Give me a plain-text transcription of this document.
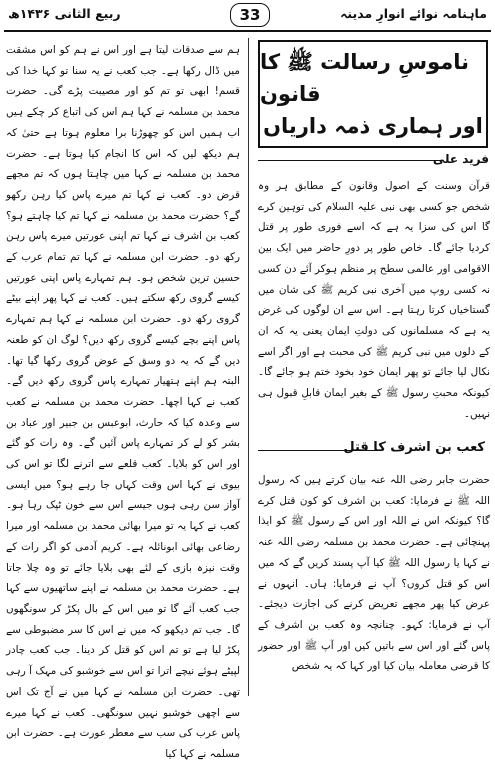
ربیع الثانی ۱۴۳۶ھ	33	ماہنامہ نوائے انوارِ مدینہ

ہم سے صدقات لیتا ہے اور اس نے ہم کو اس مشقت میں ڈال رکھا ہے۔ جب کعب نے یہ سنا تو کہا خدا کی قسم! ابھی تو تم کو اور مصیبت پڑے گی۔ حضرت محمد بن مسلمہ نے کہا ہم اس کی اتباع کر چکے ہیں اب ہمیں اس کو چھوڑنا برا معلوم ہوتا ہے حتیٰ کہ ہم دیکھ لیں کہ اس کا انجام کیا ہوتا ہے۔ حضرت محمد بن مسلمہ نے کہا میں چاہتا ہوں کہ تم مجھے قرض دو۔ کعب نے کہا تم میرے پاس کیا رہن رکھو گے؟ حضرت محمد بن مسلمہ نے کہا تم کیا چاہتے ہو؟ کعب بن اشرف نے کہا تم اپنی عورتیں میرے پاس رہن رکھ دو۔ حضرت ابن مسلمہ نے کہا تم تمام عرب کے حسین ترین شخص ہو۔ ہم تمہارے پاس اپنی عورتیں کیسے گروی رکھ سکتے ہیں۔ کعب نے کہا پھر اپنے بیٹے گروی رکھ دو۔ حضرت ابن مسلمہ نے کہا ہم تمہارے پاس اپنے بچے کیسے گروی رکھ دیں؟ لوگ ان کو طعنہ دیں گے کہ یہ دو وسق کے عوض گروی رکھا گیا تھا۔ البتہ ہم اپنے ہتھیار تمہارے پاس گروی رکھ دیں گے۔ کعب نے کہا اچھا۔ حضرت محمد بن مسلمہ نے کعب سے وعدہ کیا کہ حارث، ابوعبس بن جبیر اور عباد بن بشر کو لے کر تمہارے پاس آئیں گے۔ وہ رات کو گئے اور اس کو بلایا۔ کعب قلعے سے اترنے لگا تو اس کی بیوی نے کہا اس وقت کہاں جا رہے ہو؟ میں ایسی آواز سن رہی ہوں جیسے اس سے خون ٹپک رہا ہو۔ کعب نے کہا یہ تو میرا بھائی محمد بن مسلمہ اور میرا رضاعی بھائی ابونائلہ ہے۔ کریم آدمی کو اگر رات کے وقت نیزہ بازی کے لئے بھی بلایا جائے تو وہ چلا جاتا ہے۔ حضرت محمد بن مسلمہ نے اپنے ساتھیوں سے کہا جب کعب آئے گا تو میں اس کے بال پکڑ کر سونگھوں گا۔ جب تم دیکھو کہ میں نے اس کا سر مضبوطی سے پکڑ لیا ہے تو تم اس کو قتل کر دینا۔ جب کعب چادر لپیٹے ہوئے نیچے اترا تو اس سے خوشبو کی مہک آ رہی تھی۔ حضرت ابن مسلمہ نے کہا میں نے آج تک اس سے اچھی خوشبو نہیں سونگھی۔ کعب نے کہا میرے پاس عرب کی سب سے معطر عورت ہے۔ حضرت ابن مسلمہ نے کہا کیا

ناموسِ رسالت ﷺ کا قانون
اور ہماری ذمہ داریاں
فرید علی

قرآن وسنت کے اصول وقانون کے مطابق ہر وہ شخص جو کسی بھی نبی علیہ السلام کی توہین کرے گا اس کی سزا یہ ہے کہ اسے فوری طور پر قتل کردیا جائے گا۔ خاص طور پر دورِ حاضر میں ایک بین الاقوامی اور عالمی سطح پر منظم ہوکر آئے دن کسی نہ کسی روپ میں آخری نبی کریم ﷺ کی شان میں گستاخیاں کرتا رہتا ہے۔ اس سے ان لوگوں کی غرض یہ ہے کہ مسلمانوں کی دولتِ ایمان یعنی یہ کہ ان کے دلوں میں نبی کریم ﷺ کی محبت ہے اور اگر اسے نکال لیا جائے تو پھر ایمان خود بخود ختم ہو جائے گا۔ کیونکہ محبتِ رسول ﷺ کے بغیر ایمان قابلِ قبول ہی نہیں۔

کعب بن اشرف کا قتل

حضرت جابر رضی اللہ عنہ بیان کرتے ہیں کہ رسول اللہ ﷺ نے فرمایا: کعب بن اشرف کو کون قتل کرے گا؟ کیونکہ اس نے اللہ اور اس کے رسول ﷺ کو ایذا پہنچائی ہے۔ حضرت محمد بن مسلمہ رضی اللہ عنہ نے کہا یا رسول اللہ ﷺ کیا آپ پسند کریں گے کہ میں اس کو قتل کروں؟ آپ نے فرمایا: ہاں۔ انہوں نے عرض کیا پھر مجھے تعریض کرنے کی اجازت دیجئے۔ آپ نے فرمایا: کہو۔ چنانچہ وہ کعب بن اشرف کے پاس گئے اور اس سے باتیں کیں اور آپ ﷺ اور حضور کا قرضی معاملہ بیان کیا اور کہا کہ یہ شخص
